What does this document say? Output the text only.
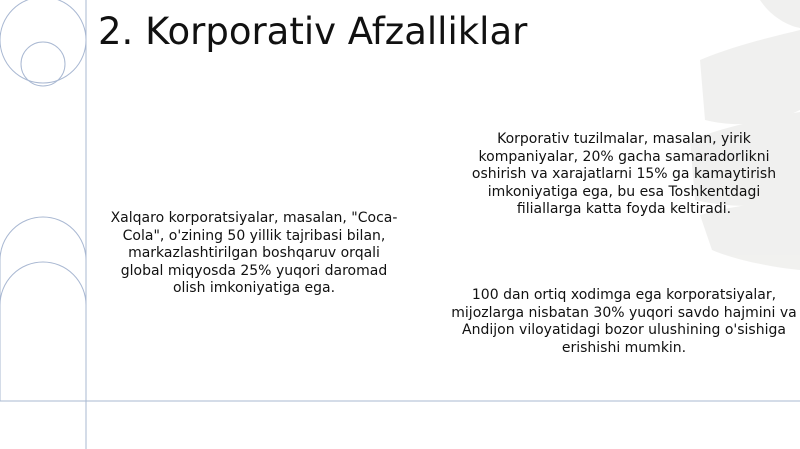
2. Korporativ Afzalliklar

Xalqaro korporatsiyalar, masalan, "Coca-Cola", o'zining 50 yillik tajribasi bilan, markazlashtirilgan boshqaruv orqali global miqyosda 25% yuqori daromad olish imkoniyatiga ega.

Korporativ tuzilmalar, masalan, yirik kompaniyalar, 20% gacha samaradorlikni oshirish va xarajatlarni 15% ga kamaytirish imkoniyatiga ega, bu esa Toshkentdagi filiallarga katta foyda keltiradi.

100 dan ortiq xodimga ega korporatsiyalar, mijozlarga nisbatan 30% yuqori savdo hajmini va Andijon viloyatidagi bozor ulushining o'sishiga erishishi mumkin.
